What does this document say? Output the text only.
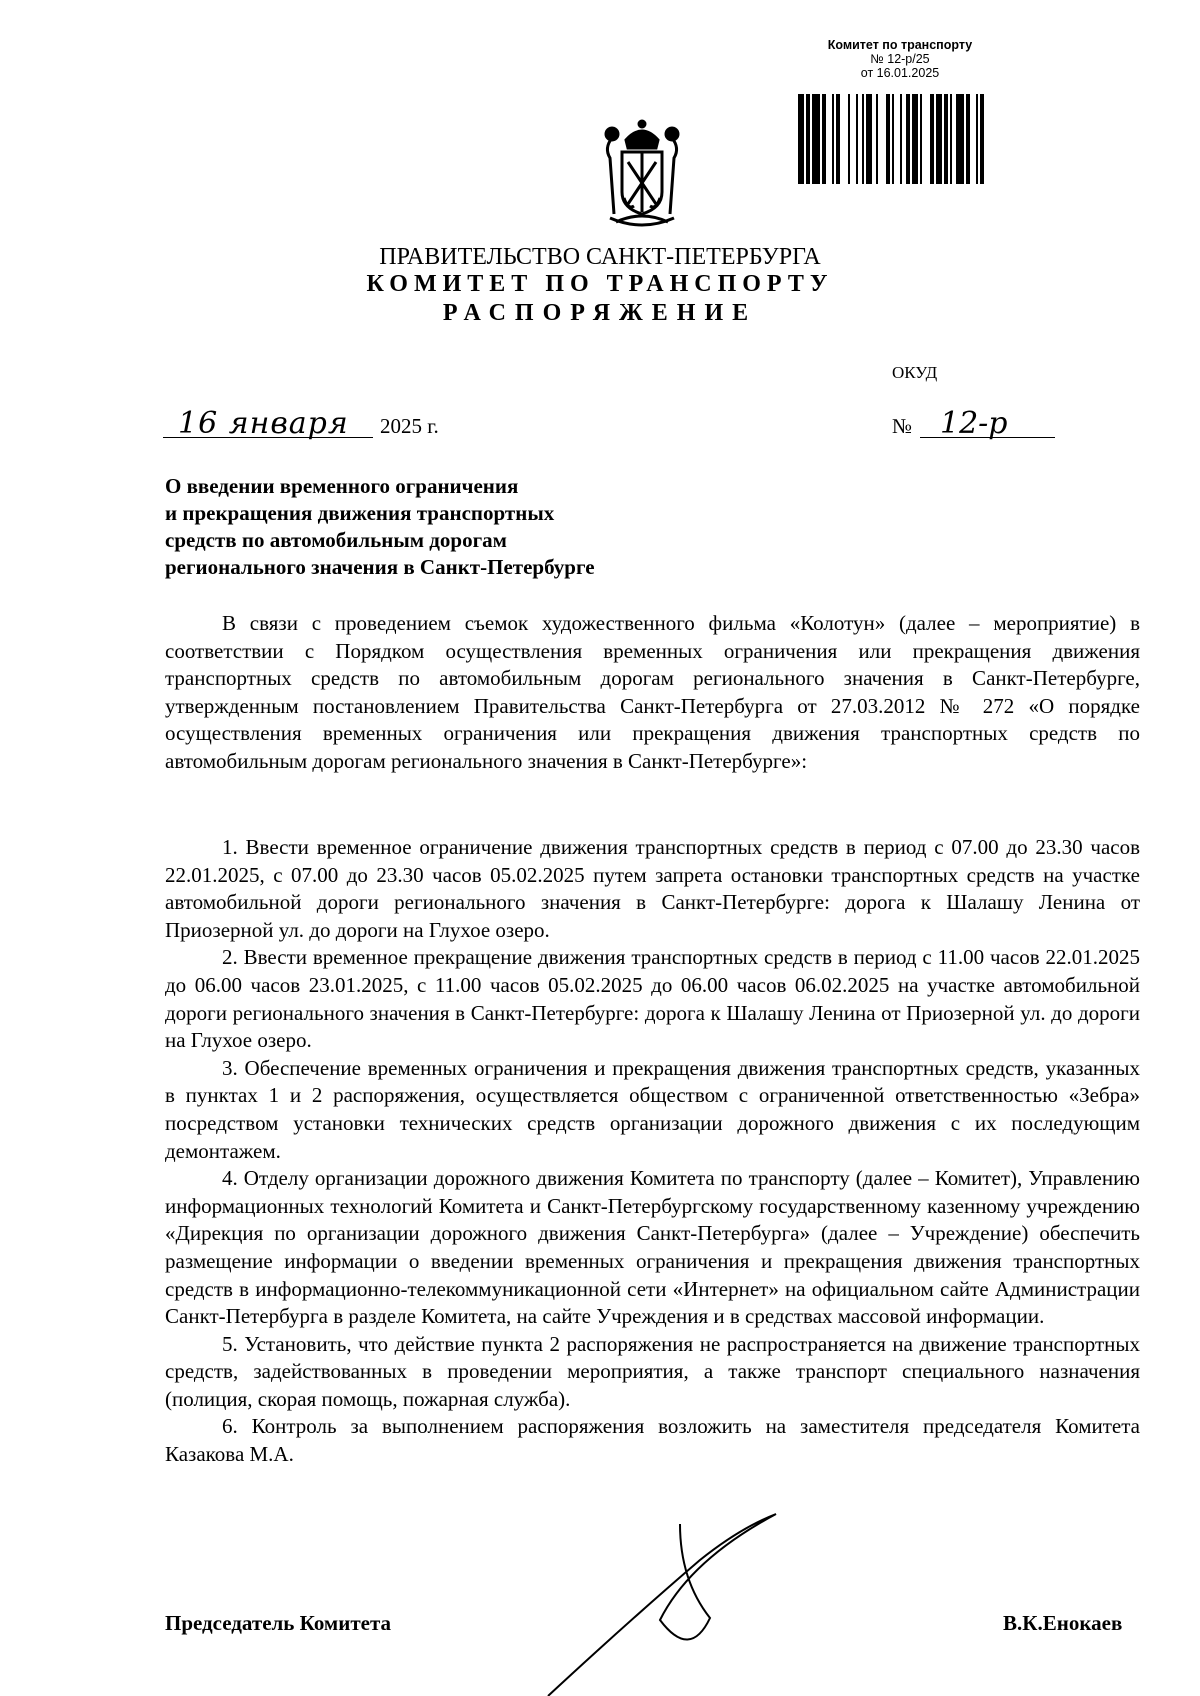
Комитет по транспорту
№ 12-р/25
от 16.01.2025
ПРАВИТЕЛЬСТВО САНКТ-ПЕТЕРБУРГА
КОМИТЕТ ПО ТРАНСПОРТУ
РАСПОРЯЖЕНИЕ
ОКУД
16 января 2025 г.	№ 12-р
О введении временного ограничения
и прекращения движения транспортных
средств по автомобильным дорогам
регионального значения в Санкт-Петербурге

В связи с проведением съемок художественного фильма «Колотун» (далее – мероприятие) в соответствии с Порядком осуществления временных ограничения или прекращения движения транспортных средств по автомобильным дорогам регионального значения в Санкт-Петербурге, утвержденным постановлением Правительства Санкт-Петербурга от 27.03.2012 № 272 «О порядке осуществления временных ограничения или прекращения движения транспортных средств по автомобильным дорогам регионального значения в Санкт-Петербурге»:

1. Ввести временное ограничение движения транспортных средств в период с 07.00 до 23.30 часов 22.01.2025, с 07.00 до 23.30 часов 05.02.2025 путем запрета остановки транспортных средств на участке автомобильной дороги регионального значения в Санкт-Петербурге: дорога к Шалашу Ленина от Приозерной ул. до дороги на Глухое озеро.

2. Ввести временное прекращение движения транспортных средств в период с 11.00 часов 22.01.2025 до 06.00 часов 23.01.2025, с 11.00 часов 05.02.2025 до 06.00 часов 06.02.2025 на участке автомобильной дороги регионального значения в Санкт-Петербурге: дорога к Шалашу Ленина от Приозерной ул. до дороги на Глухое озеро.

3. Обеспечение временных ограничения и прекращения движения транспортных средств, указанных в пунктах 1 и 2 распоряжения, осуществляется обществом с ограниченной ответственностью «Зебра» посредством установки технических средств организации дорожного движения с их последующим демонтажем.

4. Отделу организации дорожного движения Комитета по транспорту (далее – Комитет), Управлению информационных технологий Комитета и Санкт-Петербургскому государственному казенному учреждению «Дирекция по организации дорожного движения Санкт-Петербурга» (далее – Учреждение) обеспечить размещение информации о введении временных ограничения и прекращения движения транспортных средств в информационно-телекоммуникационной сети «Интернет» на официальном сайте Администрации Санкт-Петербурга в разделе Комитета, на сайте Учреждения и в средствах массовой информации.

5. Установить, что действие пункта 2 распоряжения не распространяется на движение транспортных средств, задействованных в проведении мероприятия, а также транспорт специального назначения (полиция, скорая помощь, пожарная служба).

6. Контроль за выполнением распоряжения возложить на заместителя председателя Комитета Казакова М.А.

Председатель Комитета	В.К.Енокаев
